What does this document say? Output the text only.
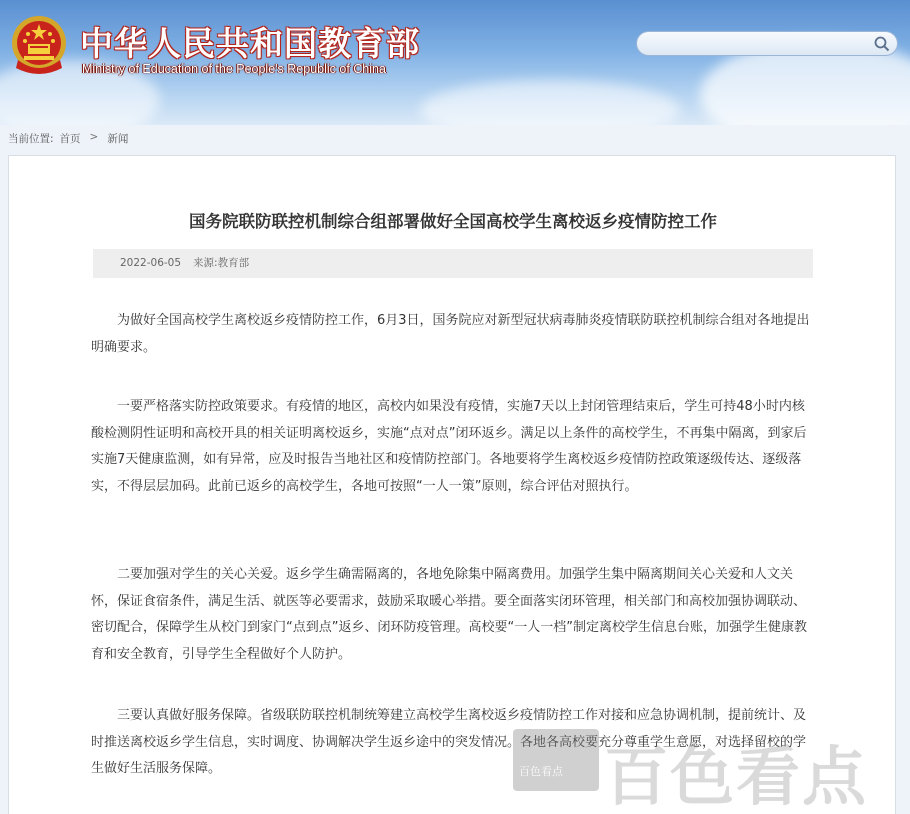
中华人民共和国教育部
Ministry of Education of the People's Republic of China
当前位置: 首页 > 新闻
国务院联防联控机制综合组部署做好全国高校学生离校返乡疫情防控工作
2022-06-05 来源:教育部
为做好全国高校学生离校返乡疫情防控工作，6月3日，国务院应对新型冠状病毒肺炎疫情联防联控机制综合组对各地提出明确要求。
一要严格落实防控政策要求。有疫情的地区，高校内如果没有疫情，实施7天以上封闭管理结束后，学生可持48小时内核酸检测阴性证明和高校开具的相关证明离校返乡，实施“点对点”闭环返乡。满足以上条件的高校学生，不再集中隔离，到家后实施7天健康监测，如有异常，应及时报告当地社区和疫情防控部门。各地要将学生离校返乡疫情防控政策逐级传达、逐级落实，不得层层加码。此前已返乡的高校学生，各地可按照“一人一策”原则，综合评估对照执行。
二要加强对学生的关心关爱。返乡学生确需隔离的，各地免除集中隔离费用。加强学生集中隔离期间关心关爱和人文关怀，保证食宿条件，满足生活、就医等必要需求，鼓励采取暖心举措。要全面落实闭环管理，相关部门和高校加强协调联动、密切配合，保障学生从校门到家门“点到点”返乡、闭环防疫管理。高校要“一人一档”制定离校学生信息台账，加强学生健康教育和安全教育，引导学生全程做好个人防护。
三要认真做好服务保障。省级联防联控机制统筹建立高校学生离校返乡疫情防控工作对接和应急协调机制，提前统计、及时推送离校返乡学生信息，实时调度、协调解决学生返乡途中的突发情况。各地各高校要充分尊重学生意愿，对选择留校的学生做好生活服务保障。	百色看点 百色看点
